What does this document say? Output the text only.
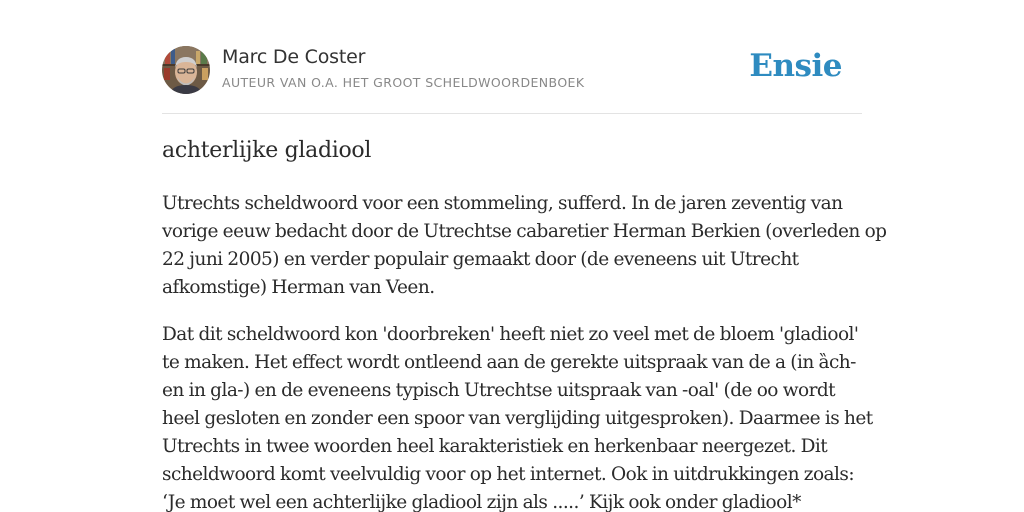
Marc De Coster
AUTEUR VAN O.A. HET GROOT SCHELDWOORDENBOEK	Ensie
achterlijke gladiool

Utrechts scheldwoord voor een stommeling, sufferd. In de jaren zeventig van
vorige eeuw bedacht door de Utrechtse cabaretier Herman Berkien (overleden op
22 juni 2005) en verder populair gemaakt door (de eveneens uit Utrecht
afkomstige) Herman van Veen.

Dat dit scheldwoord kon 'doorbreken' heeft niet zo veel met de bloem 'gladiool'
te maken. Het effect wordt ontleend aan de gerekte uitspraak van de a (in ȁch-
en in gla-) en de eveneens typisch Utrechtse uitspraak van -oal' (de oo wordt
heel gesloten en zonder een spoor van verglijding uitgesproken). Daarmee is het
Utrechts in twee woorden heel karakteristiek en herkenbaar neergezet. Dit
scheldwoord komt veelvuldig voor op het internet. Ook in uitdrukkingen zoals:
‘Je moet wel een achterlijke gladiool zijn als .....’ Kijk ook onder gladiool*
